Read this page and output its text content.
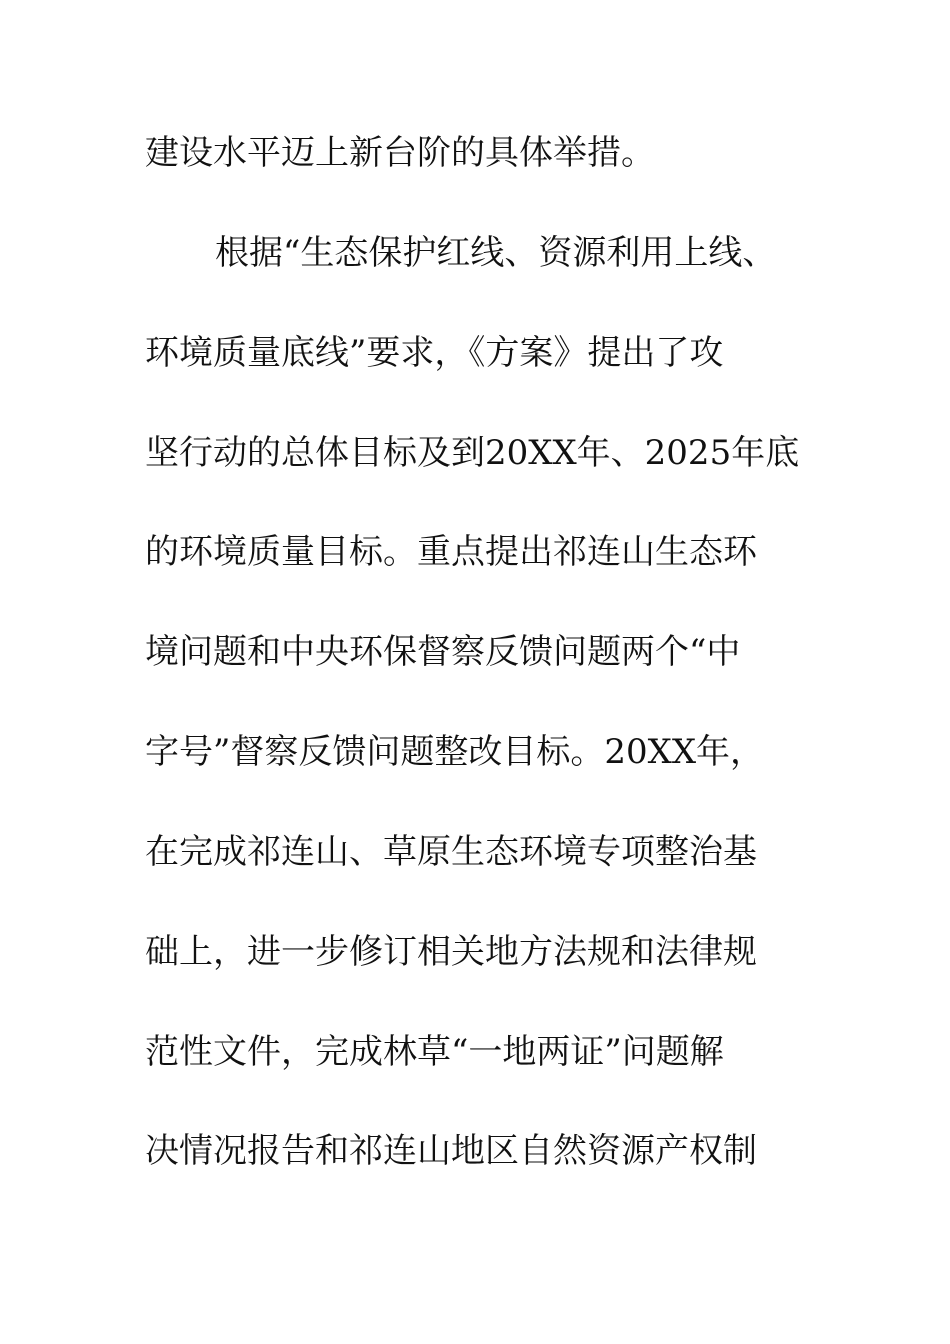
建设水平迈上新台阶的具体举措。
根据“生态保护红线、资源利用上线、
环境质量底线”要求，《方案》提出了攻
坚行动的总体目标及到20XX年、2025年底
的环境质量目标。重点提出祁连山生态环
境问题和中央环保督察反馈问题两个“中
字号”督察反馈问题整改目标。20XX年，
在完成祁连山、草原生态环境专项整治基
础上，进一步修订相关地方法规和法律规
范性文件，完成林草“一地两证”问题解
决情况报告和祁连山地区自然资源产权制
